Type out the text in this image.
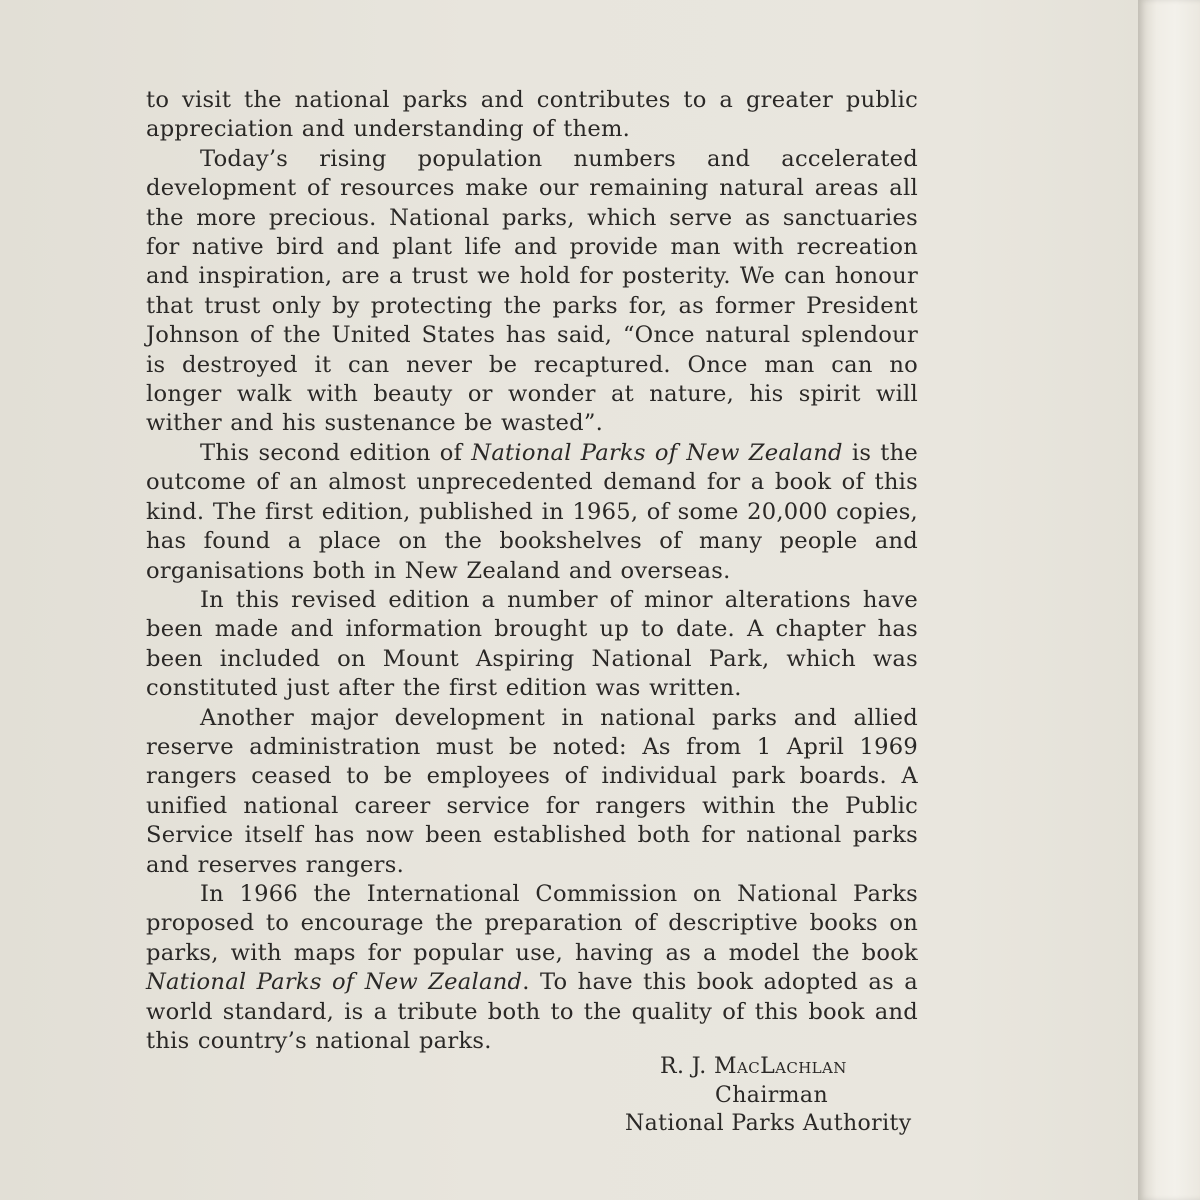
to visit the national parks and contributes to a greater public appreciation and understanding of them.

Today’s rising population numbers and accelerated development of resources make our remaining natural areas all the more precious. National parks, which serve as sanctuaries for native bird and plant life and provide man with recreation and inspiration, are a trust we hold for posterity. We can honour that trust only by protecting the parks for, as former President Johnson of the United States has said, “Once natural splendour is destroyed it can never be recaptured. Once man can no longer walk with beauty or wonder at nature, his spirit will wither and his sustenance be wasted”.

This second edition of National Parks of New Zealand is the outcome of an almost unprecedented demand for a book of this kind. The first edition, published in 1965, of some 20,000 copies, has found a place on the bookshelves of many people and organisations both in New Zealand and overseas.

In this revised edition a number of minor alterations have been made and information brought up to date. A chapter has been included on Mount Aspiring National Park, which was constituted just after the first edition was written.

Another major development in national parks and allied reserve administration must be noted: As from 1 April 1969 rangers ceased to be employees of individual park boards. A unified national career service for rangers within the Public Service itself has now been established both for national parks and reserves rangers.

In 1966 the International Commission on National Parks proposed to encourage the preparation of descriptive books on parks, with maps for popular use, having as a model the book National Parks of New Zealand. To have this book adopted as a world standard, is a tribute both to the quality of this book and this country’s national parks.

R. J. MacLachlan
Chairman
National Parks Authority
